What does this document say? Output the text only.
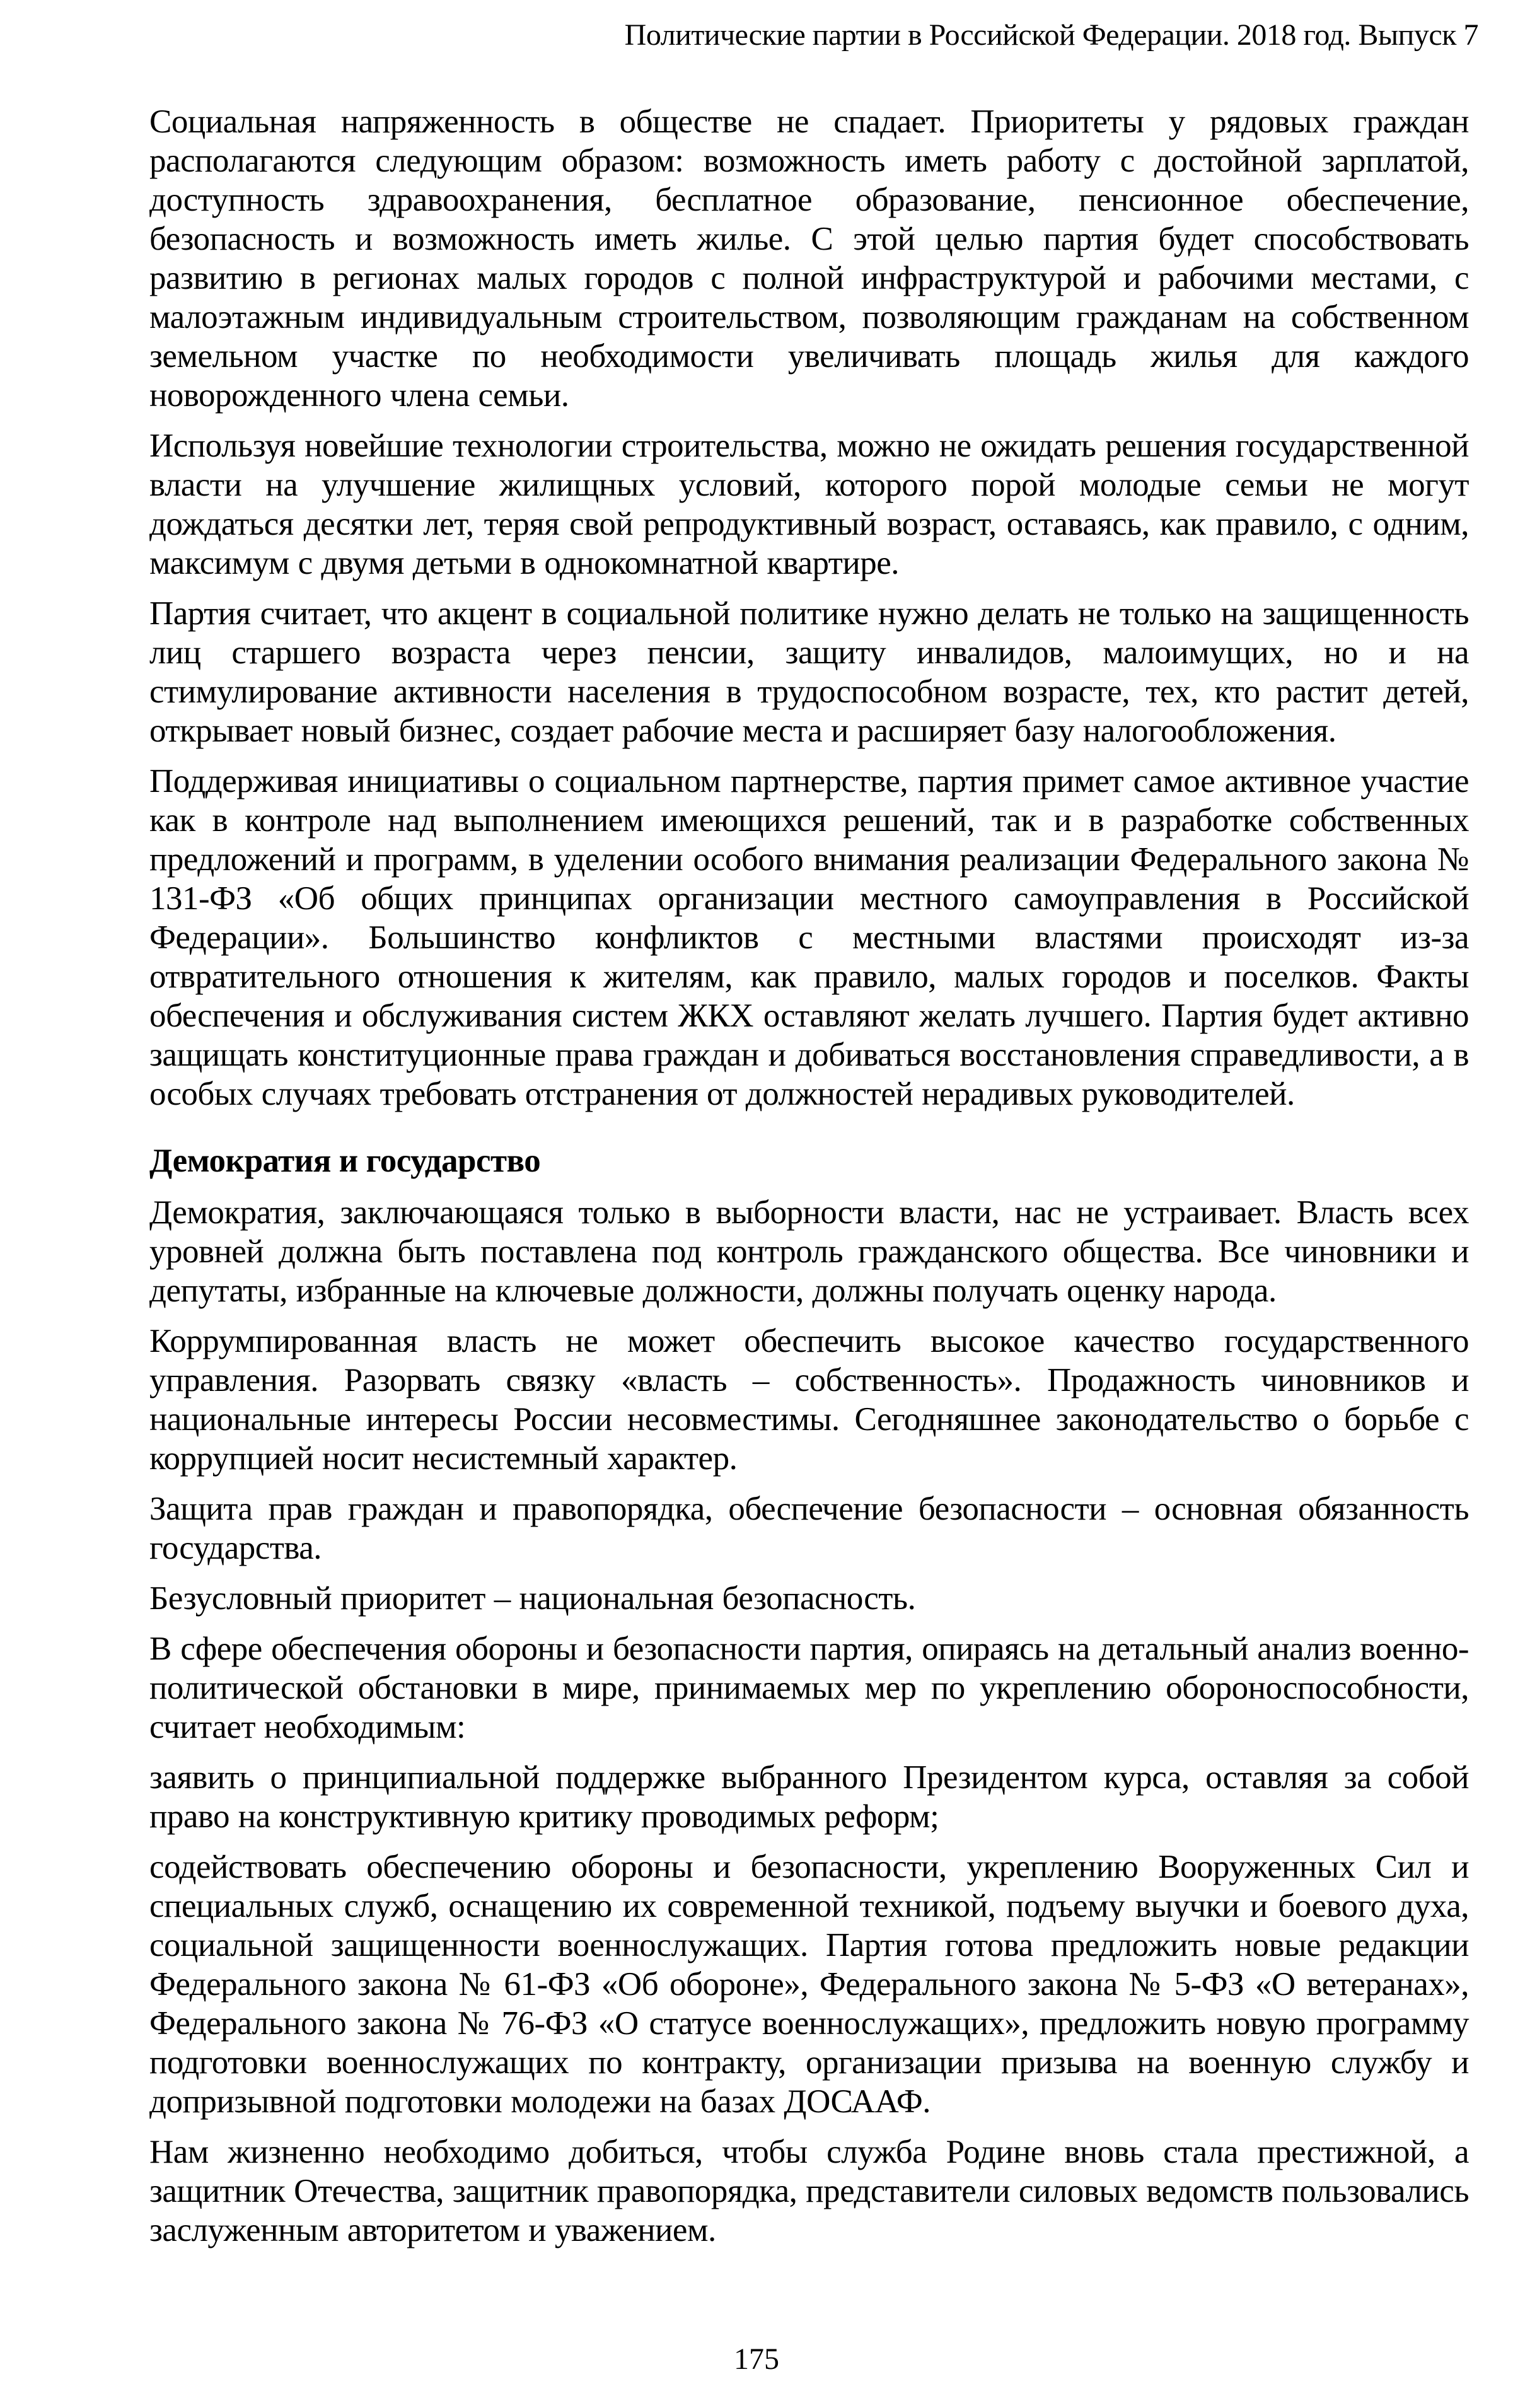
Политические партии в Российской Федерации. 2018 год. Выпуск 7

Социальная напряженность в обществе не спадает. Приоритеты у рядовых граждан располагаются следующим образом: возможность иметь работу с достойной зарплатой, доступность здравоохранения, бесплатное образование, пенсионное обеспечение, безопасность и возможность иметь жилье. С этой целью партия будет способствовать развитию в регионах малых городов с полной инфраструктурой и рабочими местами, с малоэтажным индивидуальным строительством, позволяющим гражданам на собственном земельном участке по необходимости увеличивать площадь жилья для каждого новорожденного члена семьи.

Используя новейшие технологии строительства, можно не ожидать решения государственной власти на улучшение жилищных условий, которого порой молодые семьи не могут дождаться десятки лет, теряя свой репродуктивный возраст, оставаясь, как правило, с одним, максимум с двумя детьми в однокомнатной квартире.

Партия считает, что акцент в социальной политике нужно делать не только на защищенность лиц старшего возраста через пенсии, защиту инвалидов, малоимущих, но и на стимулирование активности населения в трудоспособном возрасте, тех, кто растит детей, открывает новый бизнес, создает рабочие места и расширяет базу налогообложения.

Поддерживая инициативы о социальном партнерстве, партия примет самое активное участие как в контроле над выполнением имеющихся решений, так и в разработке собственных предложений и программ, в уделении особого внимания реализации Федерального закона № 131-ФЗ «Об общих принципах организации местного самоуправления в Российской Федерации». Большинство конфликтов с местными властями происходят из-за отвратительного отношения к жителям, как правило, малых городов и поселков. Факты обеспечения и обслуживания систем ЖКХ оставляют желать лучшего. Партия будет активно защищать конституционные права граждан и добиваться восстановления справедливости, а в особых случаях требовать отстранения от должностей нерадивых руководителей.

Демократия и государство

Демократия, заключающаяся только в выборности власти, нас не устраивает. Власть всех уровней должна быть поставлена под контроль гражданского общества. Все чиновники и депутаты, избранные на ключевые должности, должны получать оценку народа.

Коррумпированная власть не может обеспечить высокое качество государственного управления. Разорвать связку «власть – собственность». Продажность чиновников и национальные интересы России несовместимы. Сегодняшнее законодательство о борьбе с коррупцией носит несистемный характер.

Защита прав граждан и правопорядка, обеспечение безопасности – основная обязанность государства.

Безусловный приоритет – национальная безопасность.

В сфере обеспечения обороны и безопасности партия, опираясь на детальный анализ военно-политической обстановки в мире, принимаемых мер по укреплению обороноспособности, считает необходимым:

заявить о принципиальной поддержке выбранного Президентом курса, оставляя за собой право на конструктивную критику проводимых реформ;

содействовать обеспечению обороны и безопасности, укреплению Вооруженных Сил и специальных служб, оснащению их современной техникой, подъему выучки и боевого духа, социальной защищенности военнослужащих. Партия готова предложить новые редакции Федерального закона № 61-ФЗ «Об обороне», Федерального закона № 5-ФЗ «О ветеранах», Федерального закона № 76-ФЗ «О статусе военнослужащих», предложить новую программу подготовки военнослужащих по контракту, организации призыва на военную службу и допризывной подготовки молодежи на базах ДОСААФ.

Нам жизненно необходимо добиться, чтобы служба Родине вновь стала престижной, а защитник Отечества, защитник правопорядка, представители силовых ведомств пользовались заслуженным авторитетом и уважением.

175
